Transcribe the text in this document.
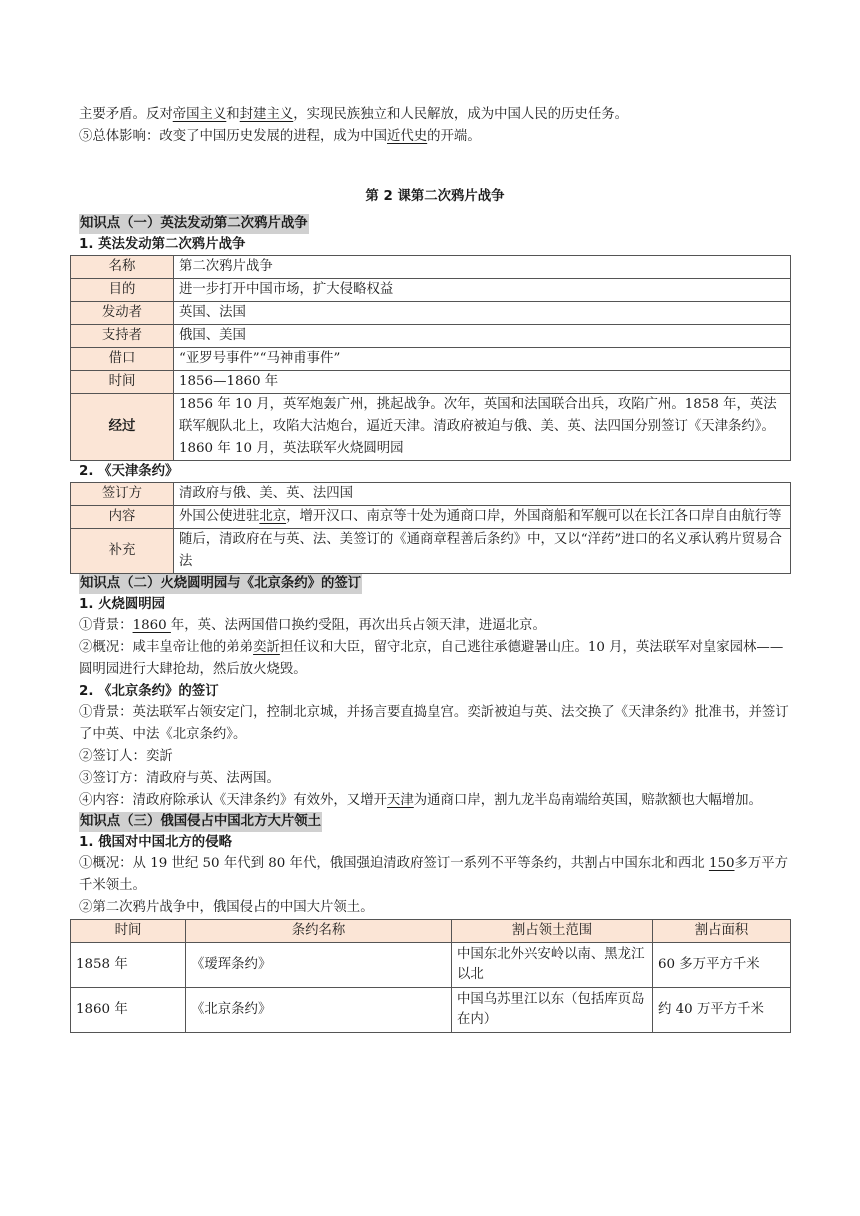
主要矛盾。反对帝国主义和封建主义，实现民族独立和人民解放，成为中国人民的历史任务。

⑤总体影响：改变了中国历史发展的进程，成为中国近代史的开端。

第 2 课第二次鸦片战争

知识点（一）英法发动第二次鸦片战争

1. 英法发动第二次鸦片战争

名称	第二次鸦片战争
目的	进一步打开中国市场，扩大侵略权益
发动者	英国、法国
支持者	俄国、美国
借口	“亚罗号事件”“马神甫事件”
时间	1856—1860 年
经过	1856 年 10 月，英军炮轰广州，挑起战争。次年，英国和法国联合出兵，攻陷广州。1858 年，英法联军舰队北上，攻陷大沽炮台，逼近天津。清政府被迫与俄、美、英、法四国分别签订《天津条约》。1860 年 10 月，英法联军火烧圆明园

2. 《天津条约》

签订方	清政府与俄、美、英、法四国
内容	外国公使进驻北京，增开汉口、南京等十处为通商口岸，外国商船和军舰可以在长江各口岸自由航行等
补充	随后，清政府在与英、法、美签订的《通商章程善后条约》中，又以“洋药”进口的名义承认鸦片贸易合法
知识点（二）火烧圆明园与《北京条约》的签订

1. 火烧圆明园

①背景：1860 年，英、法两国借口换约受阻，再次出兵占领天津，进逼北京。

②概况：咸丰皇帝让他的弟弟奕訢担任议和大臣，留守北京，自己逃往承德避暑山庄。10 月，英法联军对皇家园林——圆明园进行大肆抢劫，然后放火烧毁。

2. 《北京条约》的签订

①背景：英法联军占领安定门，控制北京城，并扬言要直捣皇宫。奕訢被迫与英、法交换了《天津条约》批准书，并签订了中英、中法《北京条约》。

②签订人：奕訢

③签订方：清政府与英、法两国。

④内容：清政府除承认《天津条约》有效外，又增开天津为通商口岸，割九龙半岛南端给英国，赔款额也大幅增加。

知识点（三）俄国侵占中国北方大片领土

1. 俄国对中国北方的侵略

①概况：从 19 世纪 50 年代到 80 年代，俄国强迫清政府签订一系列不平等条约，共割占中国东北和西北 150多万平方千米领土。

②第二次鸦片战争中，俄国侵占的中国大片领土。

时间	条约名称	割占领土范围	割占面积
1858 年	《瑷珲条约》	中国东北外兴安岭以南、黑龙江以北	60 多万平方千米
1860 年	《北京条约》	中国乌苏里江以东（包括库页岛在内）	约 40 万平方千米
